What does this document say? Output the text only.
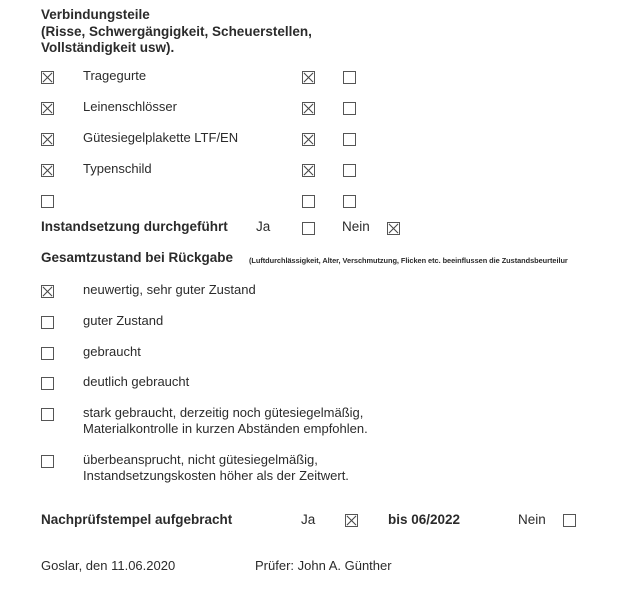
Verbindungsteile
(Risse, Schwergängigkeit, Scheuerstellen,
Vollständigkeit usw).
Tragegurte
Leinenschlösser
Gütesiegelplakette LTF/EN
Typenschild
Instandsetzung durchgeführt Ja	Nein
Gesamtzustand bei Rückgabe (Luftdurchlässigkeit, Alter, Verschmutzung, Flicken etc. beeinflussen die Zustandsbeurteilur
neuwertig, sehr guter Zustand
guter Zustand
gebraucht
deutlich gebraucht
stark gebraucht, derzeitig noch gütesiegelmäßig,
Materialkontrolle in kurzen Abständen empfohlen.
überbeansprucht, nicht gütesiegelmäßig,
Instandsetzungskosten höher als der Zeitwert.
Nachprüfstempel aufgebracht	Ja	bis 06/2022	Nein
Goslar, den 11.06.2020	Prüfer: John A. Günther
